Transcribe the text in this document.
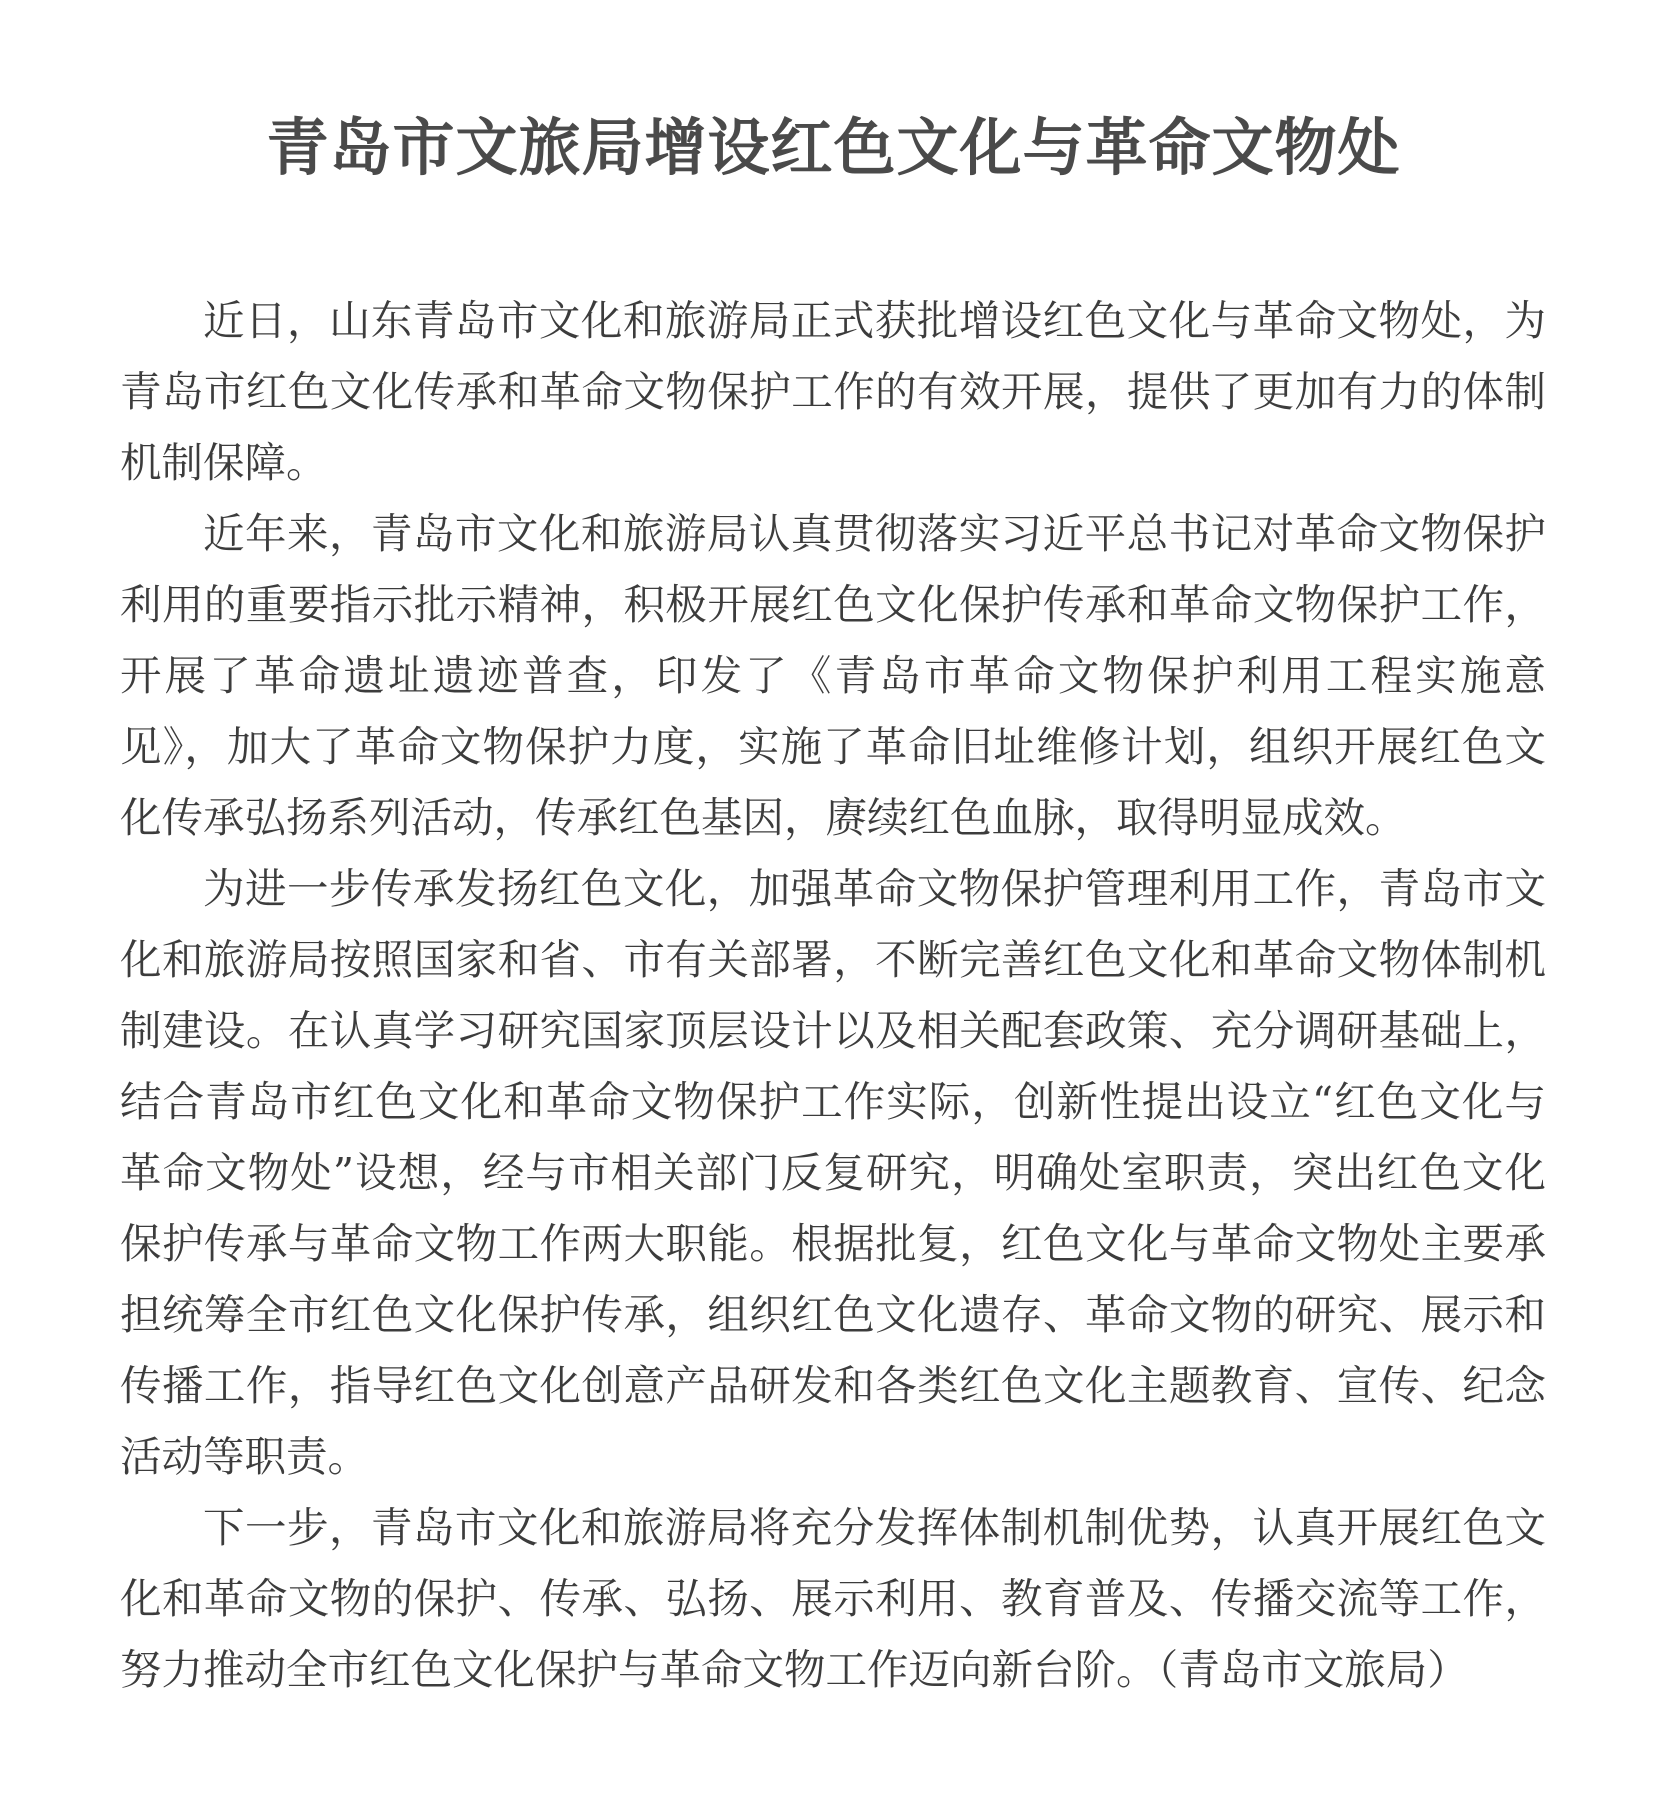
青岛市文旅局增设红色文化与革命文物处

近日，山东青岛市文化和旅游局正式获批增设红色文化与革命文物处，为青岛市红色文化传承和革命文物保护工作的有效开展，提供了更加有力的体制机制保障。

近年来，青岛市文化和旅游局认真贯彻落实习近平总书记对革命文物保护利用的重要指示批示精神，积极开展红色文化保护传承和革命文物保护工作，开展了革命遗址遗迹普查，印发了《青岛市革命文物保护利用工程实施意见》，加大了革命文物保护力度，实施了革命旧址维修计划，组织开展红色文化传承弘扬系列活动，传承红色基因，赓续红色血脉，取得明显成效。

为进一步传承发扬红色文化，加强革命文物保护管理利用工作，青岛市文化和旅游局按照国家和省、市有关部署，不断完善红色文化和革命文物体制机制建设。在认真学习研究国家顶层设计以及相关配套政策、充分调研基础上，结合青岛市红色文化和革命文物保护工作实际，创新性提出设立“红色文化与革命文物处”设想，经与市相关部门反复研究，明确处室职责，突出红色文化保护传承与革命文物工作两大职能。根据批复，红色文化与革命文物处主要承担统筹全市红色文化保护传承，组织红色文化遗存、革命文物的研究、展示和传播工作，指导红色文化创意产品研发和各类红色文化主题教育、宣传、纪念活动等职责。

下一步，青岛市文化和旅游局将充分发挥体制机制优势，认真开展红色文化和革命文物的保护、传承、弘扬、展示利用、教育普及、传播交流等工作，努力推动全市红色文化保护与革命文物工作迈向新台阶。（青岛市文旅局）
